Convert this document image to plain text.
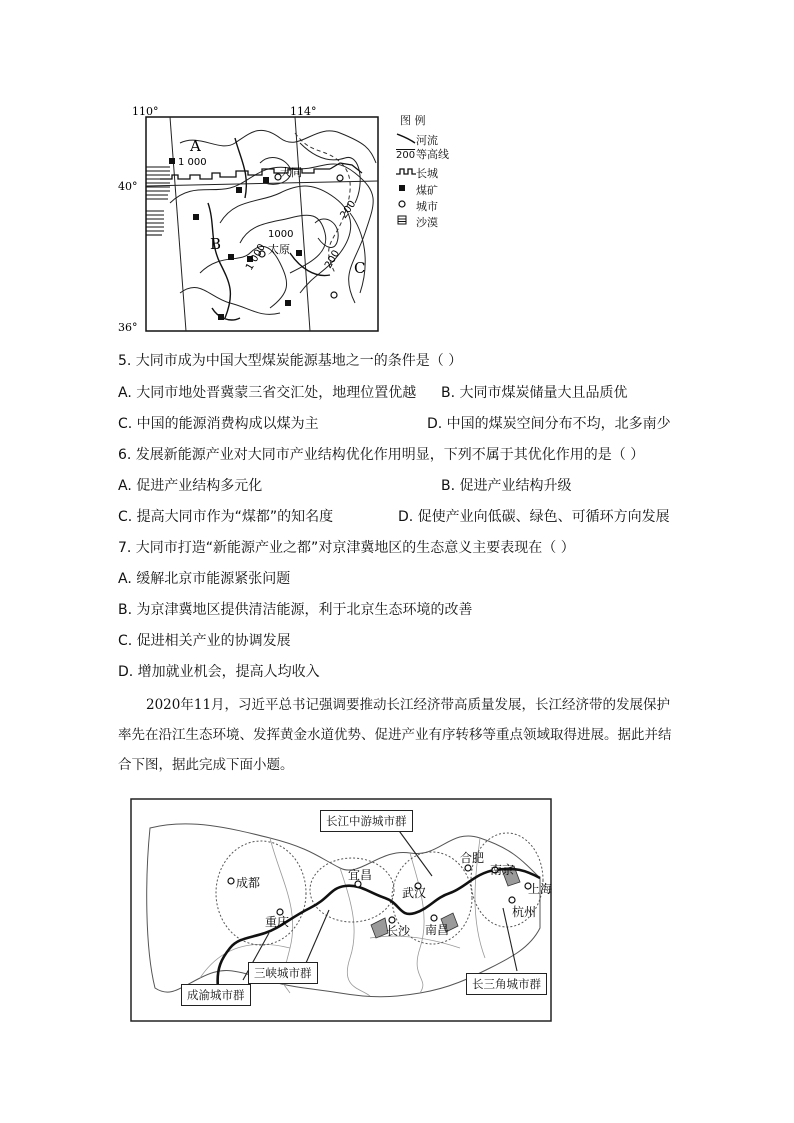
110°	114°
40°
36°
A
B
C
大同
太原
1 000
1000
1 000
200
200
图 例
河流
200等高线
长城
煤矿
城市
沙漠
5. 大同市成为中国大型煤炭能源基地之一的条件是（ ）
A. 大同市地处晋冀蒙三省交汇处，地理位置优越 B. 大同市煤炭储量大且品质优
C. 中国的能源消费构成以煤为主	D. 中国的煤炭空间分布不均，北多南少
6. 发展新能源产业对大同市产业结构优化作用明显，下列不属于其优化作用的是（ ）
A. 促进产业结构多元化	B. 促进产业结构升级
C. 提高大同市作为“煤都”的知名度	D. 促使产业向低碳、绿色、可循环方向发展
7. 大同市打造“新能源产业之都”对京津冀地区的生态意义主要表现在（ ）
A. 缓解北京市能源紧张问题
B. 为京津冀地区提供清洁能源，利于北京生态环境的改善
C. 促进相关产业的协调发展
D. 增加就业机会，提高人均收入
2020年11月，习近平总书记强调要推动长江经济带高质量发展，长江经济带的发展保护率先在沿江生态环境、发挥黄金水道优势、促进产业有序转移等重点领域取得进展。据此并结合下图，据此完成下面小题。
成都
重庆
宜昌
武汉
长沙 南昌
合肥
南京
上海
杭州
长江中游城市群
成渝城市群
三峡城市群
长三角城市群
